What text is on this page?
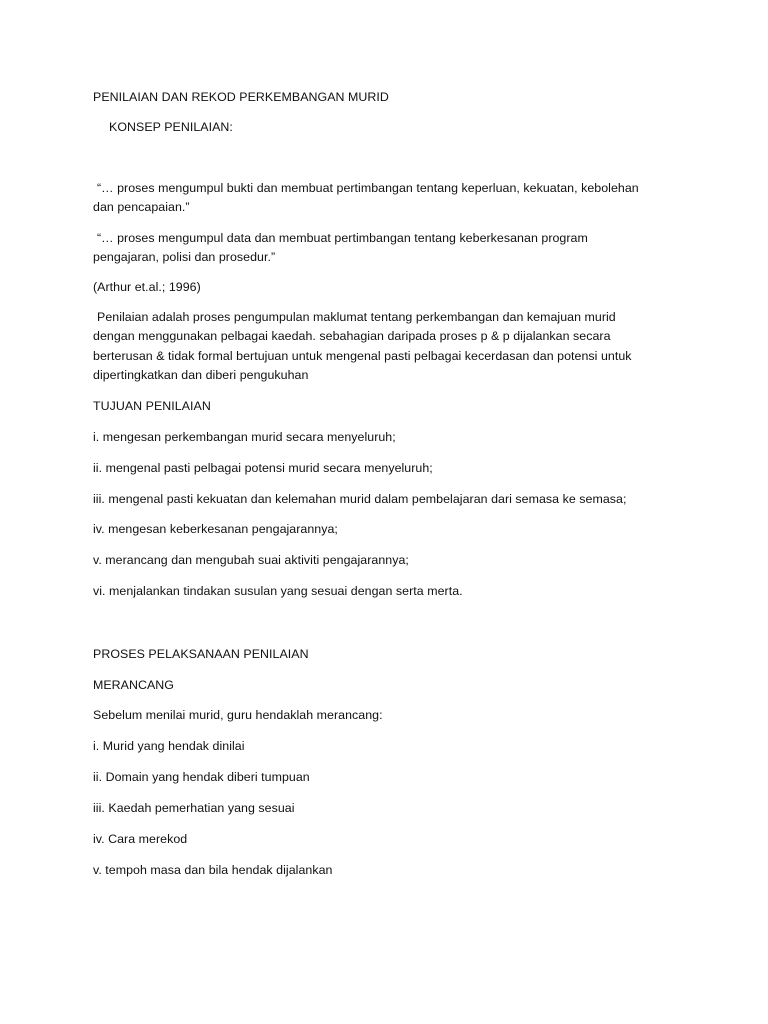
PENILAIAN DAN REKOD PERKEMBANGAN MURID
KONSEP PENILAIAN:
“… proses mengumpul bukti dan membuat pertimbangan tentang keperluan, kekuatan, kebolehan
dan pencapaian.”
“… proses mengumpul data dan membuat pertimbangan tentang keberkesanan program
pengajaran, polisi dan prosedur.”
(Arthur et.al.; 1996)
Penilaian adalah proses pengumpulan maklumat tentang perkembangan dan kemajuan murid
dengan menggunakan pelbagai kaedah. sebahagian daripada proses p & p dijalankan secara
berterusan & tidak formal bertujuan untuk mengenal pasti pelbagai kecerdasan dan potensi untuk
dipertingkatkan dan diberi pengukuhan
TUJUAN PENILAIAN
i. mengesan perkembangan murid secara menyeluruh;
ii. mengenal pasti pelbagai potensi murid secara menyeluruh;
iii. mengenal pasti kekuatan dan kelemahan murid dalam pembelajaran dari semasa ke semasa;
iv. mengesan keberkesanan pengajarannya;
v. merancang dan mengubah suai aktiviti pengajarannya;
vi. menjalankan tindakan susulan yang sesuai dengan serta merta.
PROSES PELAKSANAAN PENILAIAN
MERANCANG
Sebelum menilai murid, guru hendaklah merancang:
i. Murid yang hendak dinilai
ii. Domain yang hendak diberi tumpuan
iii. Kaedah pemerhatian yang sesuai
iv. Cara merekod
v. tempoh masa dan bila hendak dijalankan
